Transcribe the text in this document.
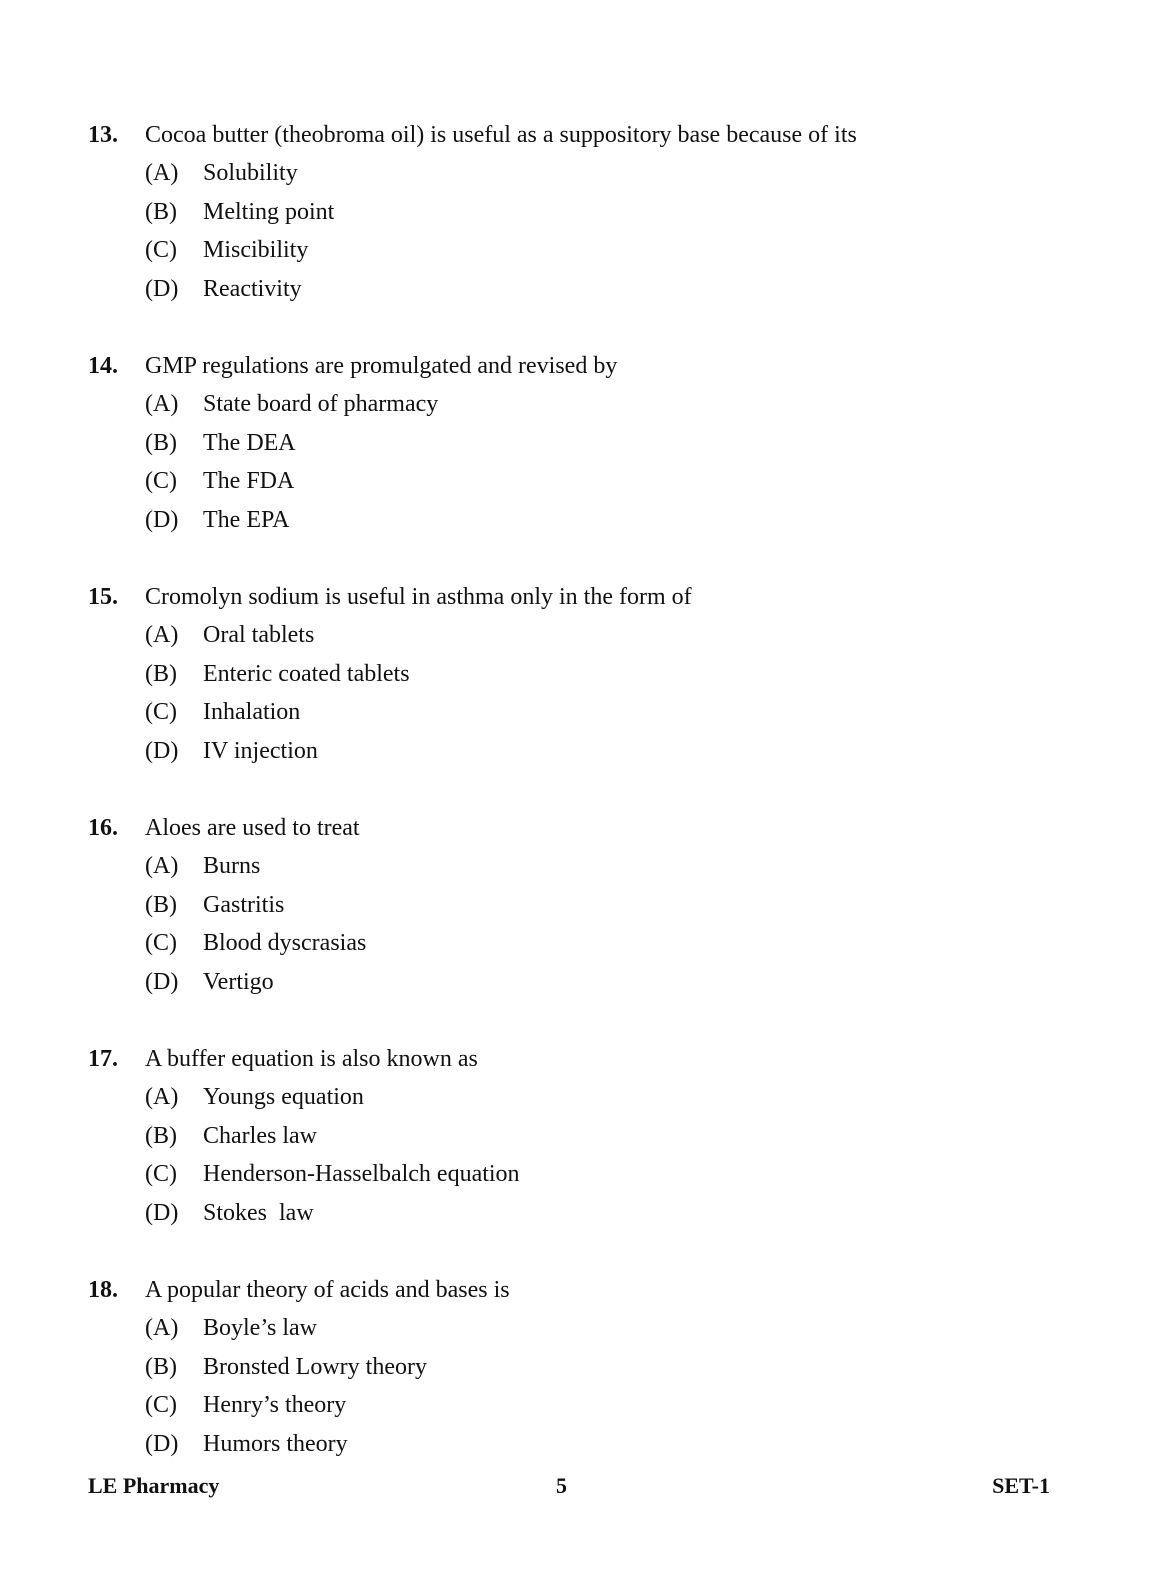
13.	Cocoa butter (theobroma oil) is useful as a suppository base because of its
(A)	Solubility
(B)	Melting point
(C)	Miscibility
(D)	Reactivity
14.	GMP regulations are promulgated and revised by
(A)	State board of pharmacy
(B)	The DEA
(C)	The FDA
(D)	The EPA
15.	Cromolyn sodium is useful in asthma only in the form of
(A)	Oral tablets
(B)	Enteric coated tablets
(C)	Inhalation
(D)	IV injection
16.	Aloes are used to treat
(A)	Burns
(B)	Gastritis
(C)	Blood dyscrasias
(D)	Vertigo
17.	A buffer equation is also known as
(A)	Youngs equation
(B)	Charles law
(C)	Henderson-Hasselbalch equation
(D)	Stokes  law
18.	A popular theory of acids and bases is
(A)	Boyle’s law
(B)	Bronsted Lowry theory
(C)	Henry’s theory
(D)	Humors theory
LE Pharmacy	5	SET-1
